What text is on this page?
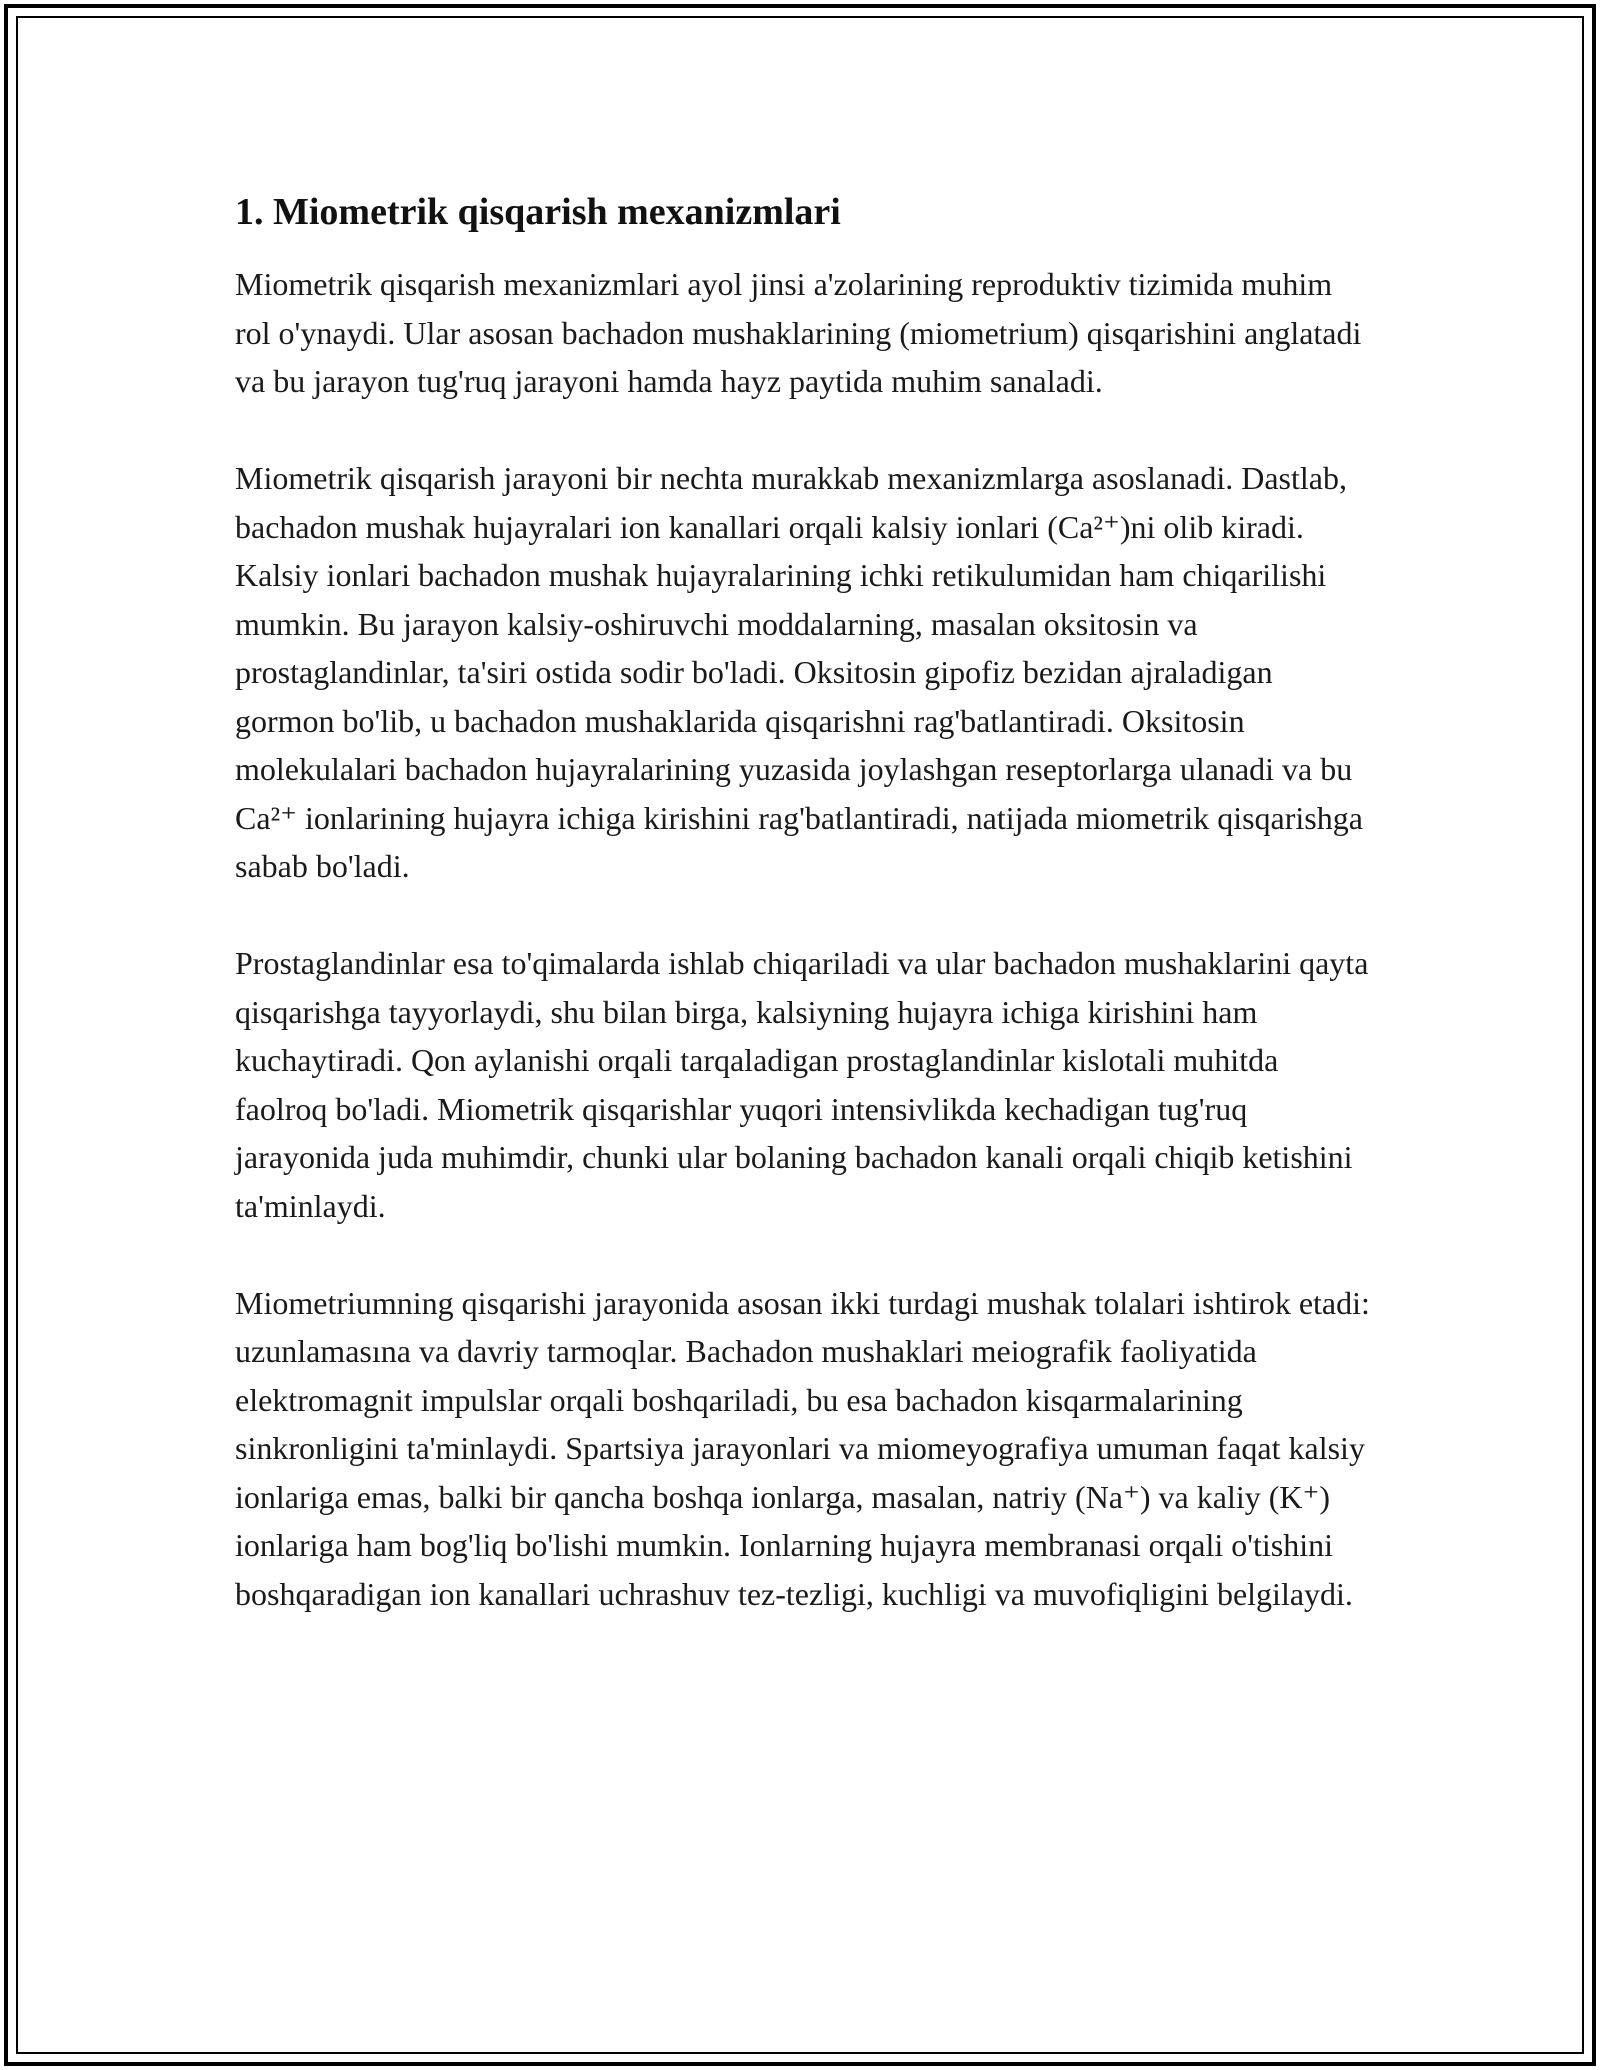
1. Miometrik qisqarish mexanizmlari

Miometrik qisqarish mexanizmlari ayol jinsi a'zolarining reproduktiv tizimida muhim rol o'ynaydi. Ular asosan bachadon mushaklarining (miometrium) qisqarishini anglatadi va bu jarayon tug'ruq jarayoni hamda hayz paytida muhim sanaladi.

Miometrik qisqarish jarayoni bir nechta murakkab mexanizmlarga asoslanadi. Dastlab, bachadon mushak hujayralari ion kanallari orqali kalsiy ionlari (Ca²⁺)ni olib kiradi. Kalsiy ionlari bachadon mushak hujayralarining ichki retikulumidan ham chiqarilishi mumkin. Bu jarayon kalsiy-oshiruvchi moddalarning, masalan oksitosin va prostaglandinlar, ta'siri ostida sodir bo'ladi. Oksitosin gipofiz bezidan ajraladigan gormon bo'lib, u bachadon mushaklarida qisqarishni rag'batlantiradi. Oksitosin molekulalari bachadon hujayralarining yuzasida joylashgan reseptorlarga ulanadi va bu Ca²⁺ ionlarining hujayra ichiga kirishini rag'batlantiradi, natijada miometrik qisqarishga sabab bo'ladi.

Prostaglandinlar esa to'qimalarda ishlab chiqariladi va ular bachadon mushaklarini qayta qisqarishga tayyorlaydi, shu bilan birga, kalsiyning hujayra ichiga kirishini ham kuchaytiradi. Qon aylanishi orqali tarqaladigan prostaglandinlar kislotali muhitda faolroq bo'ladi. Miometrik qisqarishlar yuqori intensivlikda kechadigan tug'ruq jarayonida juda muhimdir, chunki ular bolaning bachadon kanali orqali chiqib ketishini ta'minlaydi.

Miometriumning qisqarishi jarayonida asosan ikki turdagi mushak tolalari ishtirok etadi: uzunlamasına va davriy tarmoqlar. Bachadon mushaklari meiografik faoliyatida elektromagnit impulslar orqali boshqariladi, bu esa bachadon kisqarmalarining sinkronligini ta'minlaydi. Spartsiya jarayonlari va miomeyografiya umuman faqat kalsiy ionlariga emas, balki bir qancha boshqa ionlarga, masalan, natriy (Na⁺) va kaliy (K⁺) ionlariga ham bog'liq bo'lishi mumkin. Ionlarning hujayra membranasi orqali o'tishini boshqaradigan ion kanallari uchrashuv tez-tezligi, kuchligi va muvofiqligini belgilaydi.
